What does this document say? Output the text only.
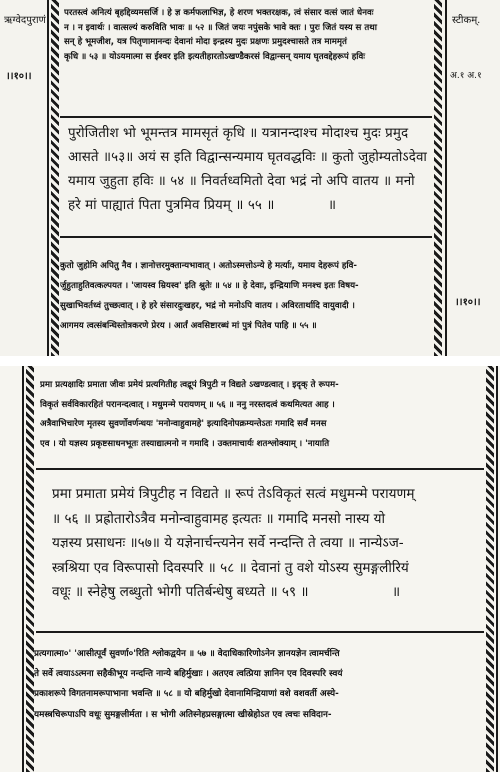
ऋग्वेदपुराणं
।।१०।।
स्टीकम्.
अ.१ अ.१
।।१०।।
परतस्त्वं अनित्यं बृहद्दिव्यमसर्जि । हे ज्ञ कर्मफलाभिज्ञ, हे शरण भक्तरक्षक, त्वं संसार वत्सं जातं धेनवः
न । न इवार्थः । वात्सल्यं करुविति भावः ॥ ५२ ॥ जितं जयः नपुंसके भावे क्तः । पुरः जितं यस्य स तथा
सन् हे भूमजीश, यत्र पितृणामानन्दः देवानां मोदा इन्द्रस्य मुदः प्रक्षणः प्रमुदश्चासते तत्र माममृतं
कृधि ॥ ५३ ॥ योऽयमात्मा स ईश्वर इति इत्यतीहारतोऽखण्डैकरसं विद्वान्सन् यमाय घृतवद्देहरूपं हविः
पुरोजितीश भो भूमन्तत्र मामसृतं कृधि ॥ यत्रानन्दाश्च मोदाश्च मुदः प्रमुद
आसते ॥५३॥ अयं स इति विद्वान्सन्यमाय घृतवद्धविः ॥ कुतो जुहोम्यतोऽदेवा
यमाय जुहुता हविः ॥ ५४ ॥ निवर्तध्वमितो देवा भद्रं नो अपि वातय ॥ मनो
हरे मां पाह्यातं पिता पुत्रमिव प्रियम् ॥ ५५ ॥	॥
कुतो जुहोमि अपितु नैव । ज्ञानोत्तरमुक्तान्यभावात् । अतोऽस्मत्तोऽन्ये हे मर्त्याः, यमाय देहरूपं हवि-
र्जुहुताहुतिवत्कल्पयत । 'जायस्व म्रियस्व' इति श्रुतेः ॥ ५४ ॥ हे देवाः, इन्द्रियाणि मनश्च इतः विषय-
सुखाभिवर्तध्वं तुच्छत्वात् । हे हरे संसारदुःखहर, भद्रं नो मनोऽपि वातय । अविरतार्थादि वायुवादी ।
आगमय त्वत्संबन्धिस्तोत्रकरणे प्रेरय । आर्तं अवसिष्टारब्धं मां पुत्रं पितेव पाहि ॥ ५५ ॥
प्रमा प्रत्यक्षादिः प्रमाता जीवः प्रमेयं प्रत्यगितीह त्वद्रूपं त्रिपुटी न विद्यते ऽखण्डत्वात् । इदृक् ते रूपम-
विकृतं सर्वविकारहितं परानन्दत्वात् । मधुमन्मे परायणम् ॥ ५६ ॥ ननु नरस्तदत्वं कथमित्यत आह ।
अत्रैवाभिचारेण मृतस्य सुवर्णोवर्णन्धयः 'मनोन्वाहुवामहे' इत्यादिनोपक्रम्यन्तेऽतः गमादि सर्वं मनस
एव । यो यज्ञस्य प्रकृष्टसाधनभूतः तस्याद्यात्मनो न गमादि । उक्तमाचार्यः शतश्लोक्याम् । 'नायाति
प्रमा प्रमाता प्रमेयं त्रिपुटीह न विद्यते ॥ रूपं तेऽविकृतं सत्वं मधुमन्मे परायणम्
॥ ५६ ॥ प्रह्रोतारोऽत्रैव मनोन्वाहुवामह इत्यतः ॥ गमादि मनसो नास्य यो
यज्ञस्य प्रसाधनः ॥५७॥ ये यज्ञेनार्चन्त्यनेन सर्वे नन्दन्ति ते त्वया ॥ नान्येऽज-
स्त्रश्रिया एव विरूपासो दिवस्परि ॥ ५८ ॥ देवानां तु वशे योऽस्य सुमङ्गलीरियं
वधूः ॥ स्नेहेषु लब्धुतो भोगी पतिर्बन्धेषु बध्यते ॥ ५९ ॥	॥
प्रत्यगात्मा०' 'आसीत्पूर्वं सुवर्णा०'रिति श्लोकद्वयेन ॥ ५७ ॥ वेदाधिकारिणोऽनेन ज्ञानयज्ञेन त्वामर्चन्ति
ते सर्वे त्वयाऽऽत्मना सहैकीभूय नन्दन्ति नान्ये बहिर्मुखाः । अतएव त्वत्प्रिया ज्ञानिन एव दिवस्परि स्वयं
प्रकाशरूपे विगतनामरूपाभाना भवन्ति ॥ ५८ ॥ यो बहिर्मुखो देवानामिन्द्रियाणां वशे वशवर्ती अस्ये-
यमस्त्रचिरूपाऽपि वधूः सुमङ्गलीर्मता । स भोगी अतिस्नेहप्रसङ्गात्मा खीस्रेहोऽत एव त्वचः सविदान-
